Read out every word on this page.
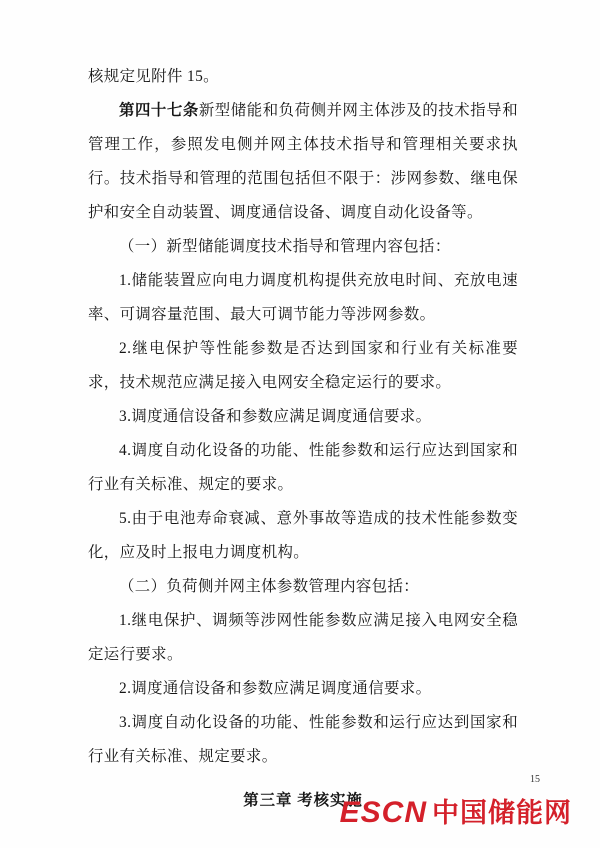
核规定见附件 15。

第四十七条新型储能和负荷侧并网主体涉及的技术指导和管理工作，参照发电侧并网主体技术指导和管理相关要求执行。技术指导和管理的范围包括但不限于：涉网参数、继电保护和安全自动装置、调度通信设备、调度自动化设备等。

（一）新型储能调度技术指导和管理内容包括：

1.储能装置应向电力调度机构提供充放电时间、充放电速率、可调容量范围、最大可调节能力等涉网参数。

2.继电保护等性能参数是否达到国家和行业有关标准要求，技术规范应满足接入电网安全稳定运行的要求。

3.调度通信设备和参数应满足调度通信要求。

4.调度自动化设备的功能、性能参数和运行应达到国家和行业有关标准、规定的要求。

5.由于电池寿命衰减、意外事故等造成的技术性能参数变化，应及时上报电力调度机构。

（二）负荷侧并网主体参数管理内容包括：

1.继电保护、调频等涉网性能参数应满足接入电网安全稳定运行要求。

2.调度通信设备和参数应满足调度通信要求。

3.调度自动化设备的功能、性能参数和运行应达到国家和行业有关标准、规定要求。

第三章 考核实施

15
ESCN 中国储能网
